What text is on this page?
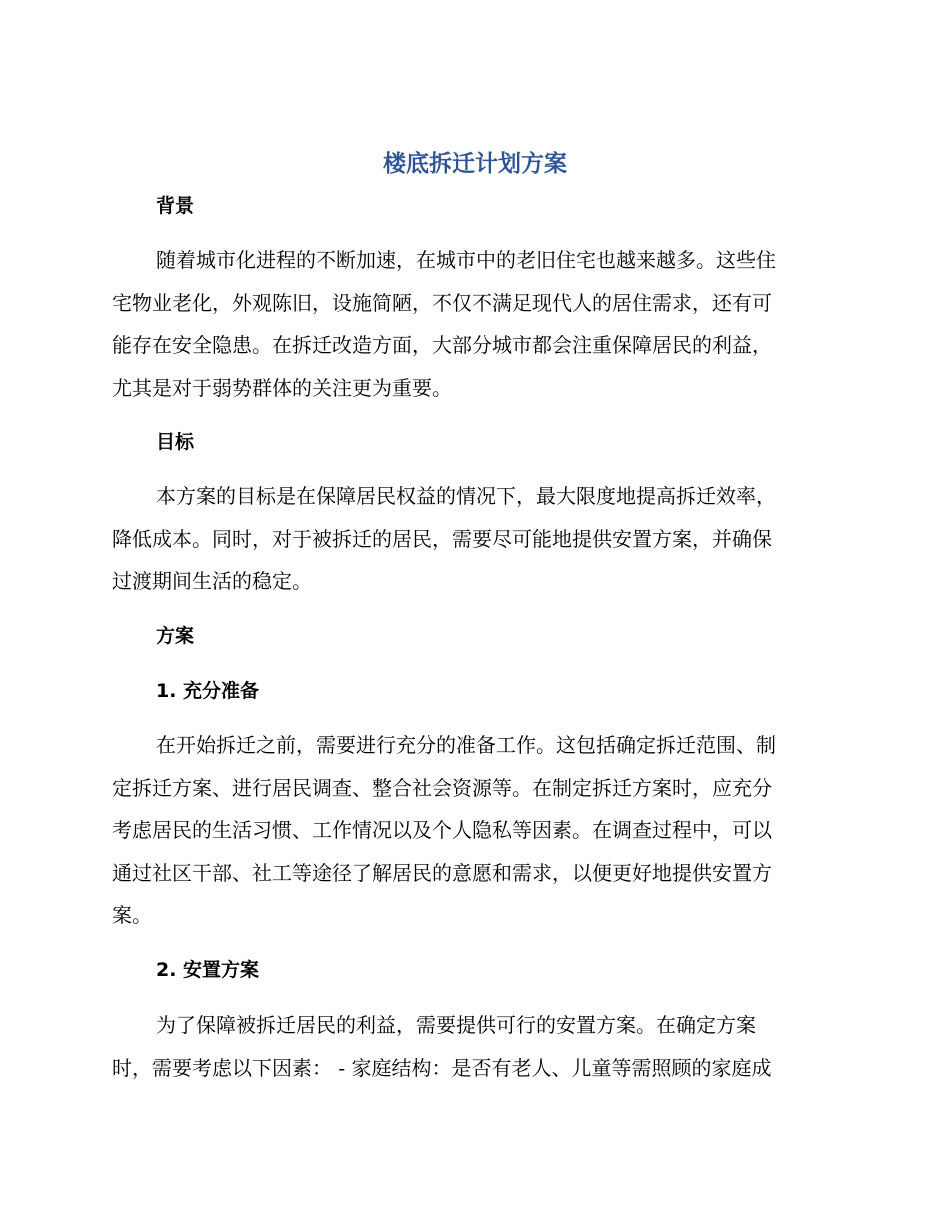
楼底拆迁计划方案
背景
随着城市化进程的不断加速，在城市中的老旧住宅也越来越多。这些住
宅物业老化，外观陈旧，设施简陋，不仅不满足现代人的居住需求，还有可
能存在安全隐患。在拆迁改造方面，大部分城市都会注重保障居民的利益，
尤其是对于弱势群体的关注更为重要。
目标
本方案的目标是在保障居民权益的情况下，最大限度地提高拆迁效率，
降低成本。同时，对于被拆迁的居民，需要尽可能地提供安置方案，并确保
过渡期间生活的稳定。
方案
1. 充分准备
在开始拆迁之前，需要进行充分的准备工作。这包括确定拆迁范围、制
定拆迁方案、进行居民调查、整合社会资源等。在制定拆迁方案时，应充分
考虑居民的生活习惯、工作情况以及个人隐私等因素。在调查过程中，可以
通过社区干部、社工等途径了解居民的意愿和需求，以便更好地提供安置方
案。
2. 安置方案
为了保障被拆迁居民的利益，需要提供可行的安置方案。在确定方案
时，需要考虑以下因素： - 家庭结构：是否有老人、儿童等需照顾的家庭成
